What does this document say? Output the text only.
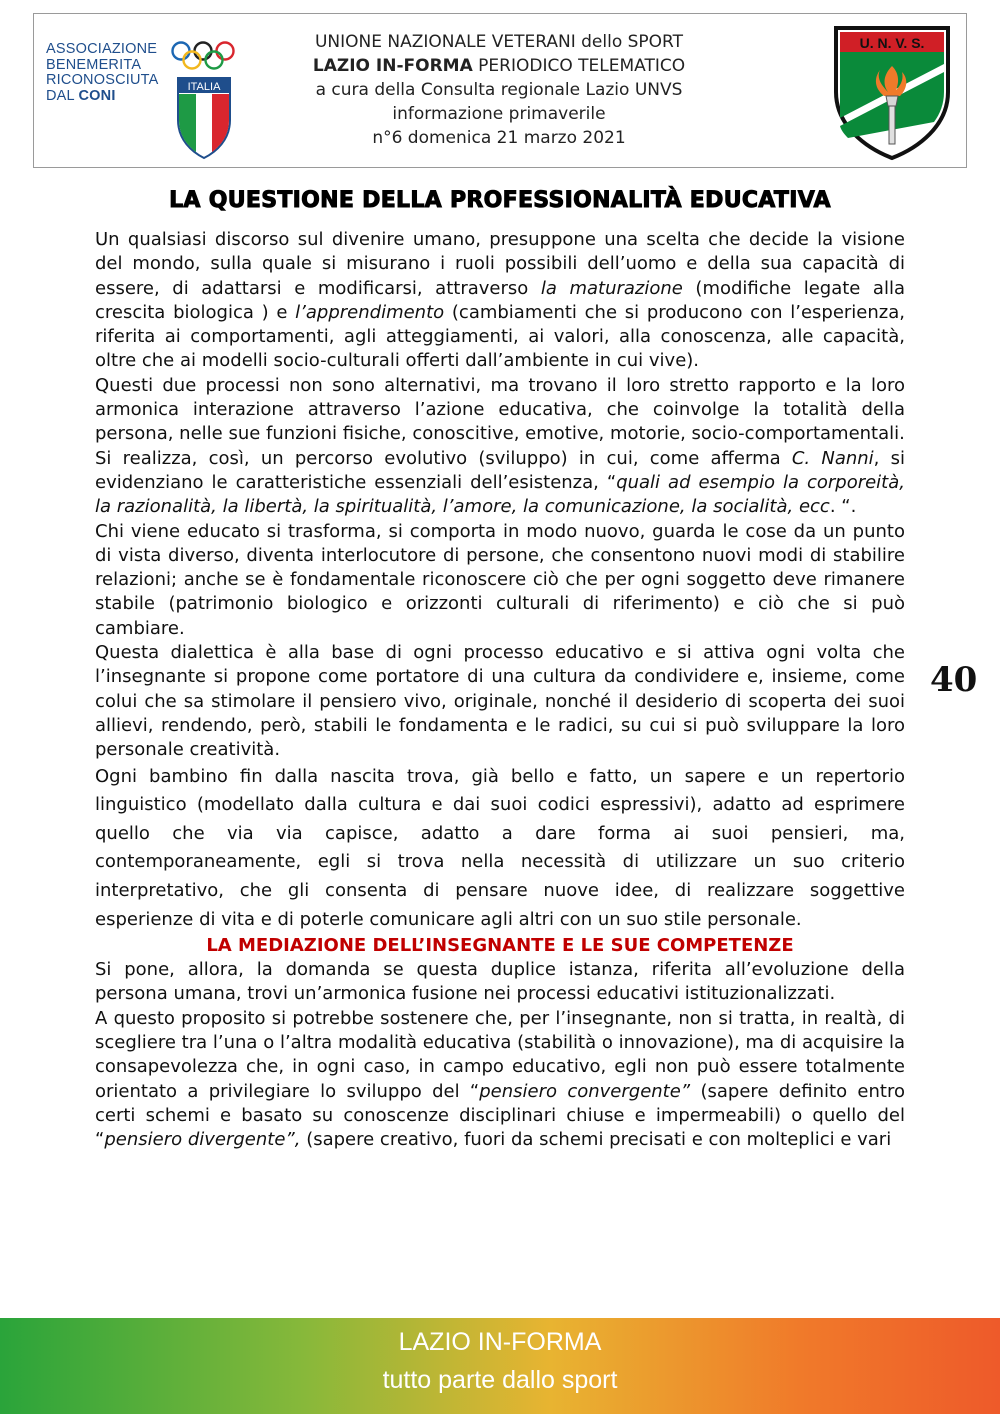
ASSOCIAZIONE
BENEMERITA
RICONOSCIUTA
DAL CONI
ITALIA
UNIONE NAZIONALE VETERANI dello SPORT
LAZIO IN-FORMA PERIODICO TELEMATICO
a cura della Consulta regionale Lazio UNVS
informazione primaverile
n°6 domenica 21 marzo 2021
U. N. V. S.
LA QUESTIONE DELLA PROFESSIONALITÀ EDUCATIVA

Un qualsiasi discorso sul divenire umano, presuppone una scelta che decide la visione del mondo, sulla quale si misurano i ruoli possibili dell’uomo e della sua capacità di essere, di adattarsi e modificarsi, attraverso la maturazione (modifiche legate alla crescita biologica ) e l’apprendimento (cambiamenti che si producono con l’esperienza, riferita ai comportamenti, agli atteggiamenti, ai valori, alla conoscenza, alle capacità, oltre che ai modelli socio-culturali offerti dall’ambiente in cui vive).

Questi due processi non sono alternativi, ma trovano il loro stretto rapporto e la loro armonica interazione attraverso l’azione educativa, che coinvolge la totalità della persona, nelle sue funzioni fisiche, conoscitive, emotive, motorie, socio-comportamentali.

Si realizza, così, un percorso evolutivo (sviluppo) in cui, come afferma C. Nanni, si evidenziano le caratteristiche essenziali dell’esistenza, “quali ad esempio la corporeità, la razionalità, la libertà, la spiritualità, l’amore, la comunicazione, la socialità, ecc. “.

Chi viene educato si trasforma, si comporta in modo nuovo, guarda le cose da un punto di vista diverso, diventa interlocutore di persone, che consentono nuovi modi di stabilire relazioni; anche se è fondamentale riconoscere ciò che per ogni soggetto deve rimanere stabile (patrimonio biologico e orizzonti culturali di riferimento) e ciò che si può cambiare.

Questa dialettica è alla base di ogni processo educativo e si attiva ogni volta che l’insegnante si propone come portatore di una cultura da condividere e, insieme, come colui che sa stimolare il pensiero vivo, originale, nonché il desiderio di scoperta dei suoi allievi, rendendo, però, stabili le fondamenta e le radici, su cui si può sviluppare la loro personale creatività.

Ogni bambino fin dalla nascita trova, già bello e fatto, un sapere e un repertorio linguistico (modellato dalla cultura e dai suoi codici espressivi), adatto ad esprimere quello che via via capisce, adatto a dare forma ai suoi pensieri, ma, contemporaneamente, egli si trova nella necessità di utilizzare un suo criterio interpretativo, che gli consenta di pensare nuove idee, di realizzare soggettive esperienze di vita e di poterle comunicare agli altri con un suo stile personale.

LA MEDIAZIONE DELL’INSEGNANTE E LE SUE COMPETENZE

Si pone, allora, la domanda se questa duplice istanza, riferita all’evoluzione della persona umana, trovi un’armonica fusione nei processi educativi istituzionalizzati.

A questo proposito si potrebbe sostenere che, per l’insegnante, non si tratta, in realtà, di scegliere tra l’una o l’altra modalità educativa (stabilità o innovazione), ma di acquisire la consapevolezza che, in ogni caso, in campo educativo, egli non può essere totalmente orientato a privilegiare lo sviluppo del “pensiero convergente” (sapere definito entro certi schemi e basato su conoscenze disciplinari chiuse e impermeabili) o quello del “pensiero divergente”, (sapere creativo, fuori da schemi precisati e con molteplici e vari

40
LAZIO IN-FORMA
tutto parte dallo sport
